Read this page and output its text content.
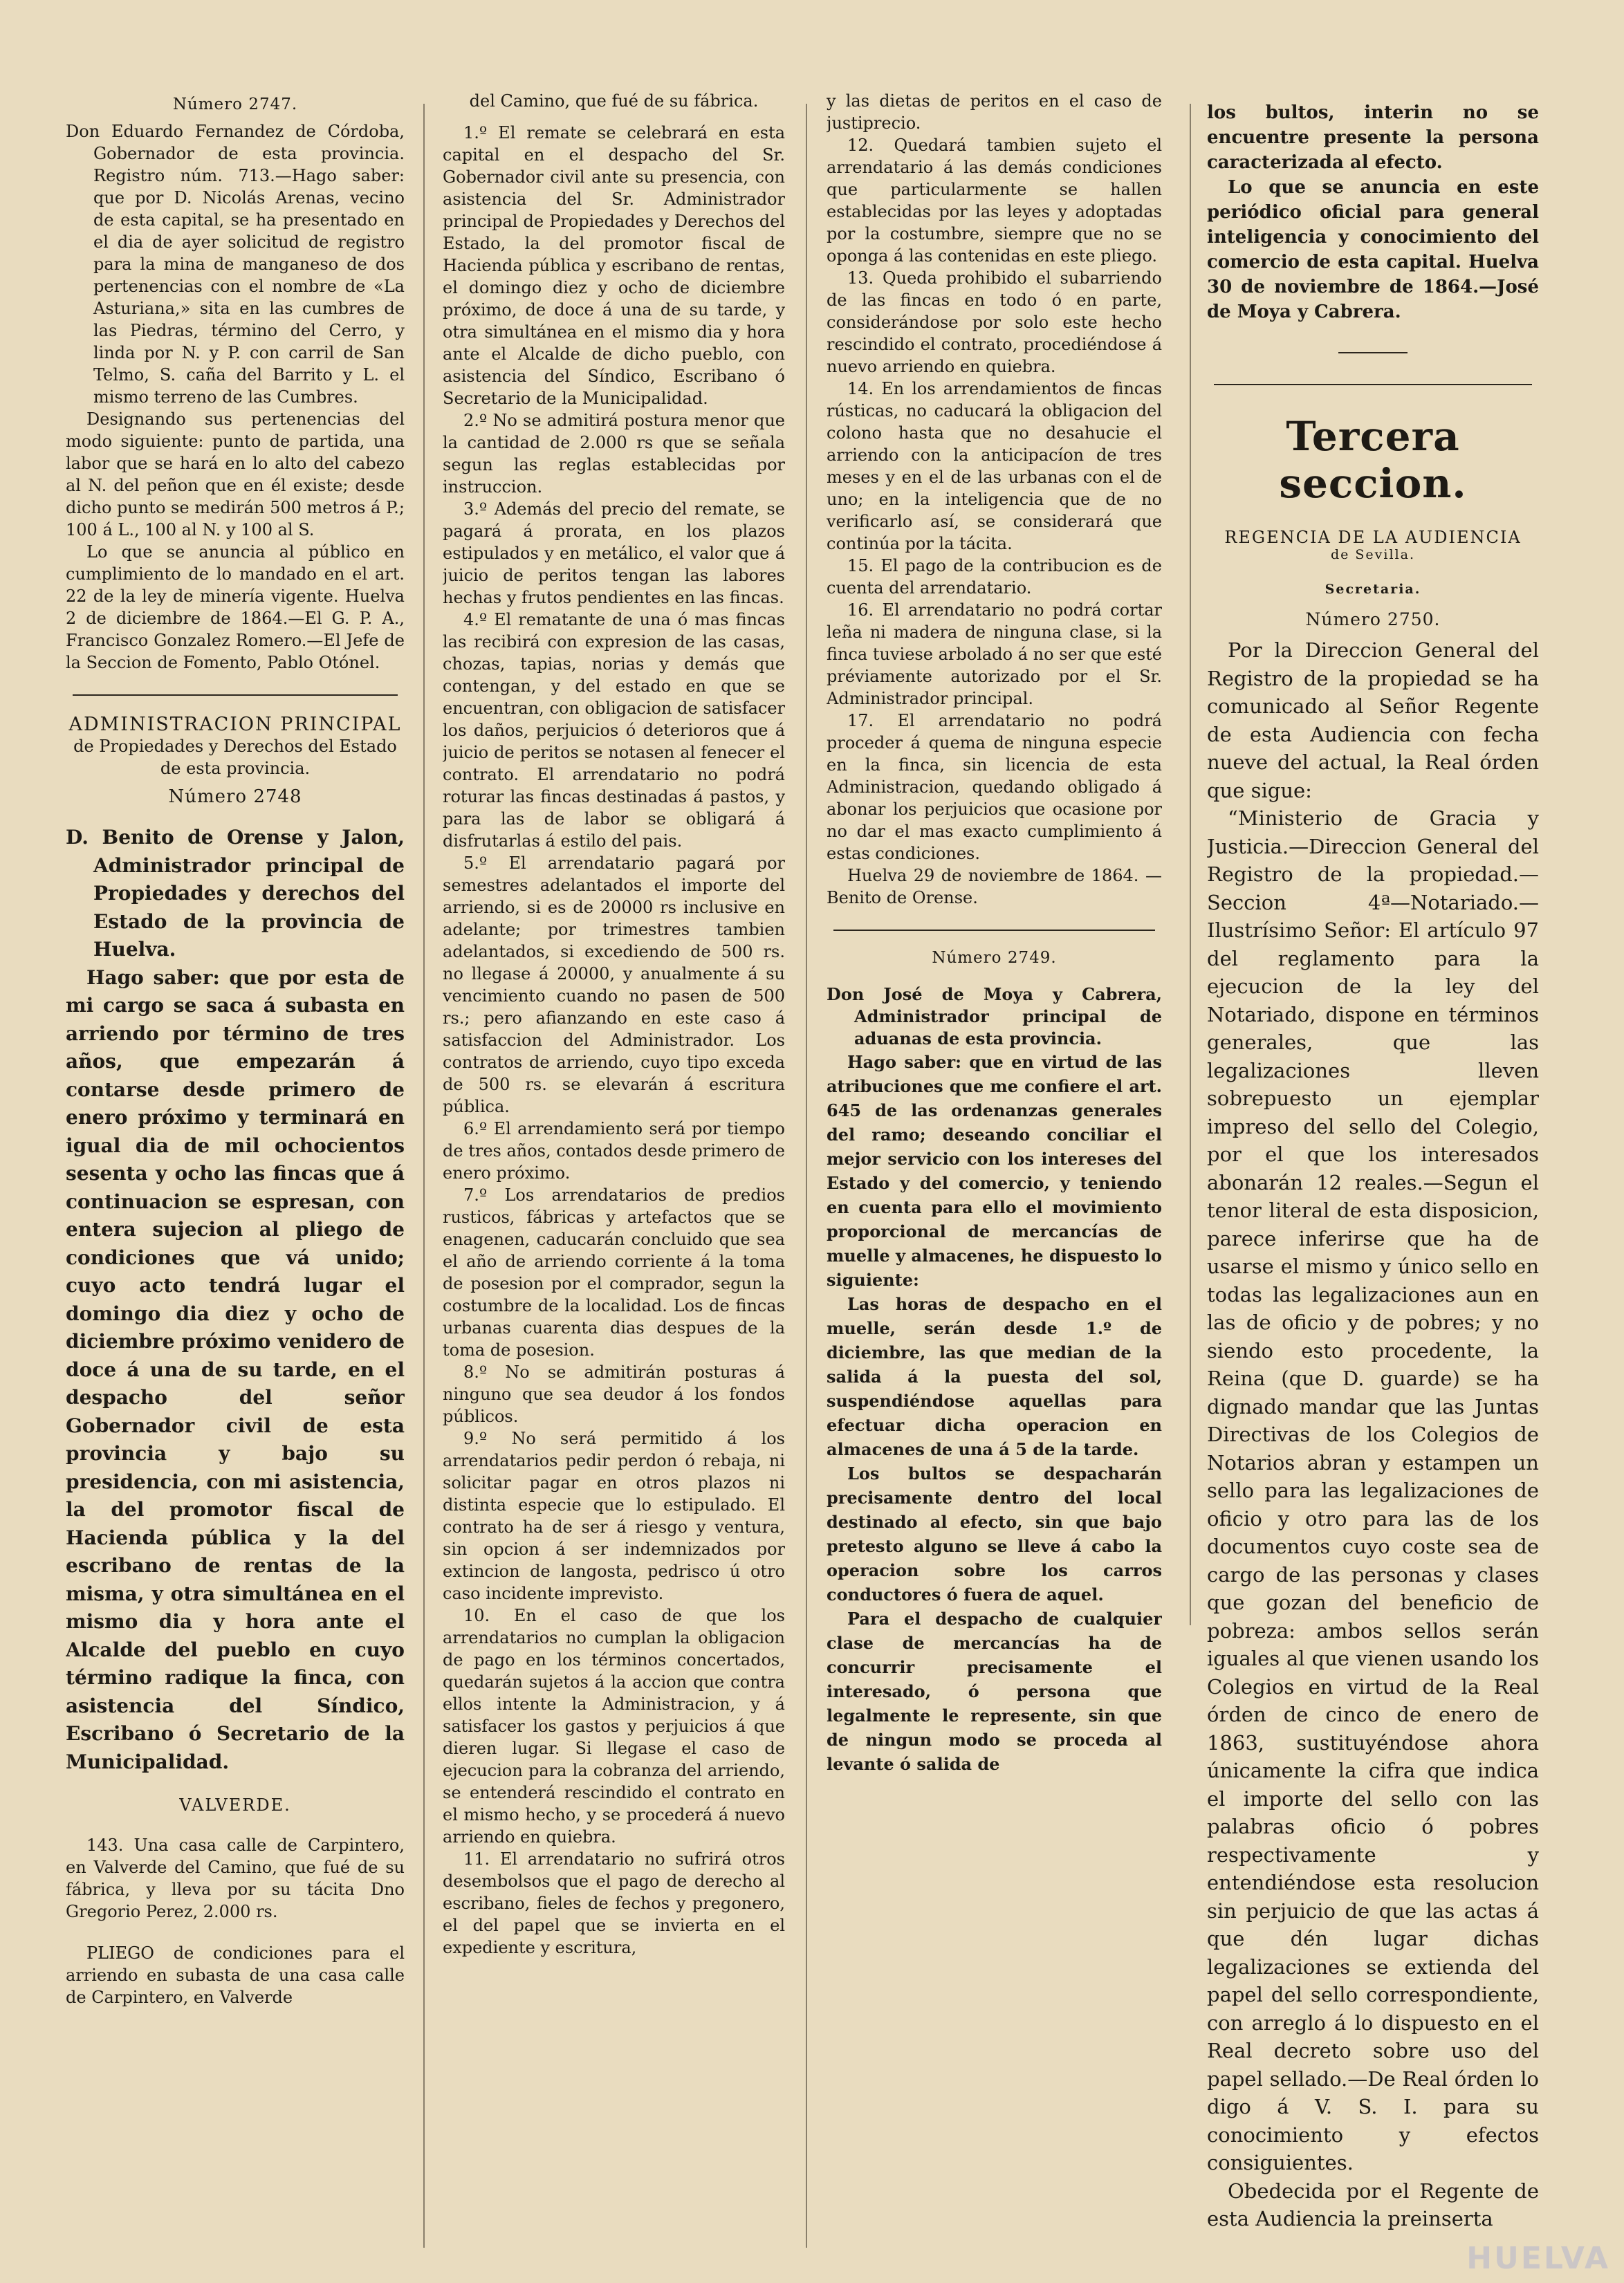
Número 2747.

Don Eduardo Fernandez de Córdoba, Gobernador de esta provincia. Registro núm. 713.—Hago saber: que por D. Nicolás Arenas, vecino de esta capital, se ha presentado en el dia de ayer solicitud de registro para la mina de manganeso de dos pertenencias con el nombre de «La Asturiana,» sita en las cumbres de las Piedras, término del Cerro, y linda por N. y P. con carril de San Telmo, S. caña del Barrito y L. el mismo terreno de las Cumbres.

Designando sus pertenencias del modo siguiente: punto de partida, una labor que se hará en lo alto del cabezo al N. del peñon que en él existe; desde dicho punto se medirán 500 metros á P.; 100 á L., 100 al N. y 100 al S.

Lo que se anuncia al público en cumplimiento de lo mandado en el art. 22 de la ley de minería vigente. Huelva 2 de diciembre de 1864.—El G. P. A., Francisco Gonzalez Romero.—El Jefe de la Seccion de Fomento, Pablo Otónel.

ADMINISTRACION PRINCIPAL

de Propiedades y Derechos del Estado de esta provincia.

Número 2748

D. Benito de Orense y Jalon, Administrador principal de Propiedades y derechos del Estado de la provincia de Huelva.

Hago saber: que por esta de mi cargo se saca á subasta en arriendo por término de tres años, que empezarán á contarse desde primero de enero próximo y terminará en igual dia de mil ochocientos sesenta y ocho las fincas que á continuacion se espresan, con entera sujecion al pliego de condiciones que vá unido; cuyo acto tendrá lugar el domingo dia diez y ocho de diciembre próximo venidero de doce á una de su tarde, en el despacho del señor Gobernador civil de esta provincia y bajo su presidencia, con mi asistencia, la del promotor fiscal de Hacienda pública y la del escribano de rentas de la misma, y otra simultánea en el mismo dia y hora ante el Alcalde del pueblo en cuyo término radique la finca, con asistencia del Síndico, Escribano ó Secretario de la Municipalidad.

VALVERDE.

143. Una casa calle de Carpintero, en Valverde del Camino, que fué de su fábrica, y lleva por su tácita Dno Gregorio Perez, 2.000 rs.

PLIEGO de condiciones para el arriendo en subasta de una casa calle de Carpintero, en Valverde

del Camino, que fué de su fábrica.

1.º El remate se celebrará en esta capital en el despacho del Sr. Gobernador civil ante su presencia, con asistencia del Sr. Administrador principal de Propiedades y Derechos del Estado, la del promotor fiscal de Hacienda pública y escribano de rentas, el domingo diez y ocho de diciembre próximo, de doce á una de su tarde, y otra simultánea en el mismo dia y hora ante el Alcalde de dicho pueblo, con asistencia del Síndico, Escribano ó Secretario de la Municipalidad.

2.º No se admitirá postura menor que la cantidad de 2.000 rs que se señala segun las reglas establecidas por instruccion.

3.º Además del precio del remate, se pagará á prorata, en los plazos estipulados y en metálico, el valor que á juicio de peritos tengan las labores hechas y frutos pendientes en las fincas.

4.º El rematante de una ó mas fincas las recibirá con expresion de las casas, chozas, tapias, norias y demás que contengan, y del estado en que se encuentran, con obligacion de satisfacer los daños, perjuicios ó deterioros que á juicio de peritos se notasen al fenecer el contrato. El arrendatario no podrá roturar las fincas destinadas á pastos, y para las de labor se obligará á disfrutarlas á estilo del pais.

5.º El arrendatario pagará por semestres adelantados el importe del arriendo, si es de 20000 rs inclusive en adelante; por trimestres tambien adelantados, si excediendo de 500 rs. no llegase á 20000, y anualmente á su vencimiento cuando no pasen de 500 rs.; pero afianzando en este caso á satisfaccion del Administrador. Los contratos de arriendo, cuyo tipo exceda de 500 rs. se elevarán á escritura pública.

6.º El arrendamiento será por tiempo de tres años, contados desde primero de enero próximo.

7.º Los arrendatarios de predios rusticos, fábricas y artefactos que se enagenen, caducarán concluido que sea el año de arriendo corriente á la toma de posesion por el comprador, segun la costumbre de la localidad. Los de fincas urbanas cuarenta dias despues de la toma de posesion.

8.º No se admitirán posturas á ninguno que sea deudor á los fondos públicos.

9.º No será permitido á los arrendatarios pedir perdon ó rebaja, ni solicitar pagar en otros plazos ni distinta especie que lo estipulado. El contrato ha de ser á riesgo y ventura, sin opcion á ser indemnizados por extincion de langosta, pedrisco ú otro caso incidente imprevisto.

10. En el caso de que los arrendatarios no cumplan la obligacion de pago en los términos concertados, quedarán sujetos á la accion que contra ellos intente la Administracion, y á satisfacer los gastos y perjuicios á que dieren lugar. Si llegase el caso de ejecucion para la cobranza del arriendo, se entenderá rescindido el contrato en el mismo hecho, y se procederá á nuevo arriendo en quiebra.

11. El arrendatario no sufrirá otros desembolsos que el pago de derecho al escribano, fieles de fechos y pregonero, el del papel que se invierta en el expediente y escritura,

y las dietas de peritos en el caso de justiprecio.

12. Quedará tambien sujeto el arrendatario á las demás condiciones que particularmente se hallen establecidas por las leyes y adoptadas por la costumbre, siempre que no se oponga á las contenidas en este pliego.

13. Queda prohibido el subarriendo de las fincas en todo ó en parte, considerándose por solo este hecho rescindido el contrato, procediéndose á nuevo arriendo en quiebra.

14. En los arrendamientos de fincas rústicas, no caducará la obligacion del colono hasta que no desahucie el arriendo con la anticipacíon de tres meses y en el de las urbanas con el de uno; en la inteligencia que de no verificarlo así, se considerará que continúa por la tácita.

15. El pago de la contribucion es de cuenta del arrendatario.

16. El arrendatario no podrá cortar leña ni madera de ninguna clase, si la finca tuviese arbolado á no ser que esté préviamente autorizado por el Sr. Administrador principal.

17. El arrendatario no podrá proceder á quema de ninguna especie en la finca, sin licencia de esta Administracion, quedando obligado á abonar los perjuicios que ocasione por no dar el mas exacto cumplimiento á estas condiciones.

Huelva 29 de noviembre de 1864. —Benito de Orense.

Número 2749.

Don José de Moya y Cabrera, Administrador principal de aduanas de esta provincia.

Hago saber: que en virtud de las atribuciones que me confiere el art. 645 de las ordenanzas generales del ramo; deseando conciliar el mejor servicio con los intereses del Estado y del comercio, y teniendo en cuenta para ello el movimiento proporcional de mercancías de muelle y almacenes, he dispuesto lo siguiente:

Las horas de despacho en el muelle, serán desde 1.º de diciembre, las que median de la salida á la puesta del sol, suspendiéndose aquellas para efectuar dicha operacion en almacenes de una á 5 de la tarde.

Los bultos se despacharán precisamente dentro del local destinado al efecto, sin que bajo pretesto alguno se lleve á cabo la operacion sobre los carros conductores ó fuera de aquel.

Para el despacho de cualquier clase de mercancías ha de concurrir precisamente el interesado, ó persona que legalmente le represente, sin que de ningun modo se proceda al levante ó salida de

los bultos, interin no se encuentre presente la persona caracterizada al efecto.

Lo que se anuncia en este periódico oficial para general inteligencia y conocimiento del comercio de esta capital. Huelva 30 de noviembre de 1864.—José de Moya y Cabrera.

Tercera seccion.

REGENCIA DE LA AUDIENCIA

de Sevilla.

Secretaria.

Número 2750.

Por la Direccion General del Registro de la propiedad se ha comunicado al Señor Regente de esta Audiencia con fecha nueve del actual, la Real órden que sigue:

“Ministerio de Gracia y Justicia.—Direccion General del Registro de la propiedad.—Seccion 4ª—Notariado.—Ilustrísimo Señor: El artículo 97 del reglamento para la ejecucion de la ley del Notariado, dispone en términos generales, que las legalizaciones lleven sobrepuesto un ejemplar impreso del sello del Colegio, por el que los interesados abonarán 12 reales.—Segun el tenor literal de esta disposicion, parece inferirse que ha de usarse el mismo y único sello en todas las legalizaciones aun en las de oficio y de pobres; y no siendo esto procedente, la Reina (que D. guarde) se ha dignado mandar que las Juntas Directivas de los Colegios de Notarios abran y estampen un sello para las legalizaciones de oficio y otro para las de los documentos cuyo coste sea de cargo de las personas y clases que gozan del beneficio de pobreza: ambos sellos serán iguales al que vienen usando los Colegios en virtud de la Real órden de cinco de enero de 1863, sustituyéndose ahora únicamente la cifra que indica el importe del sello con las palabras oficio ó pobres respectivamente y entendiéndose esta resolucion sin perjuicio de que las actas á que dén lugar dichas legalizaciones se extienda del papel del sello correspondiente, con arreglo á lo dispuesto en el Real decreto sobre uso del papel sellado.—De Real órden lo digo á V. S. I. para su conocimiento y efectos consiguientes.

Obedecida por el Regente de esta Audiencia la preinserta

HUELVA
